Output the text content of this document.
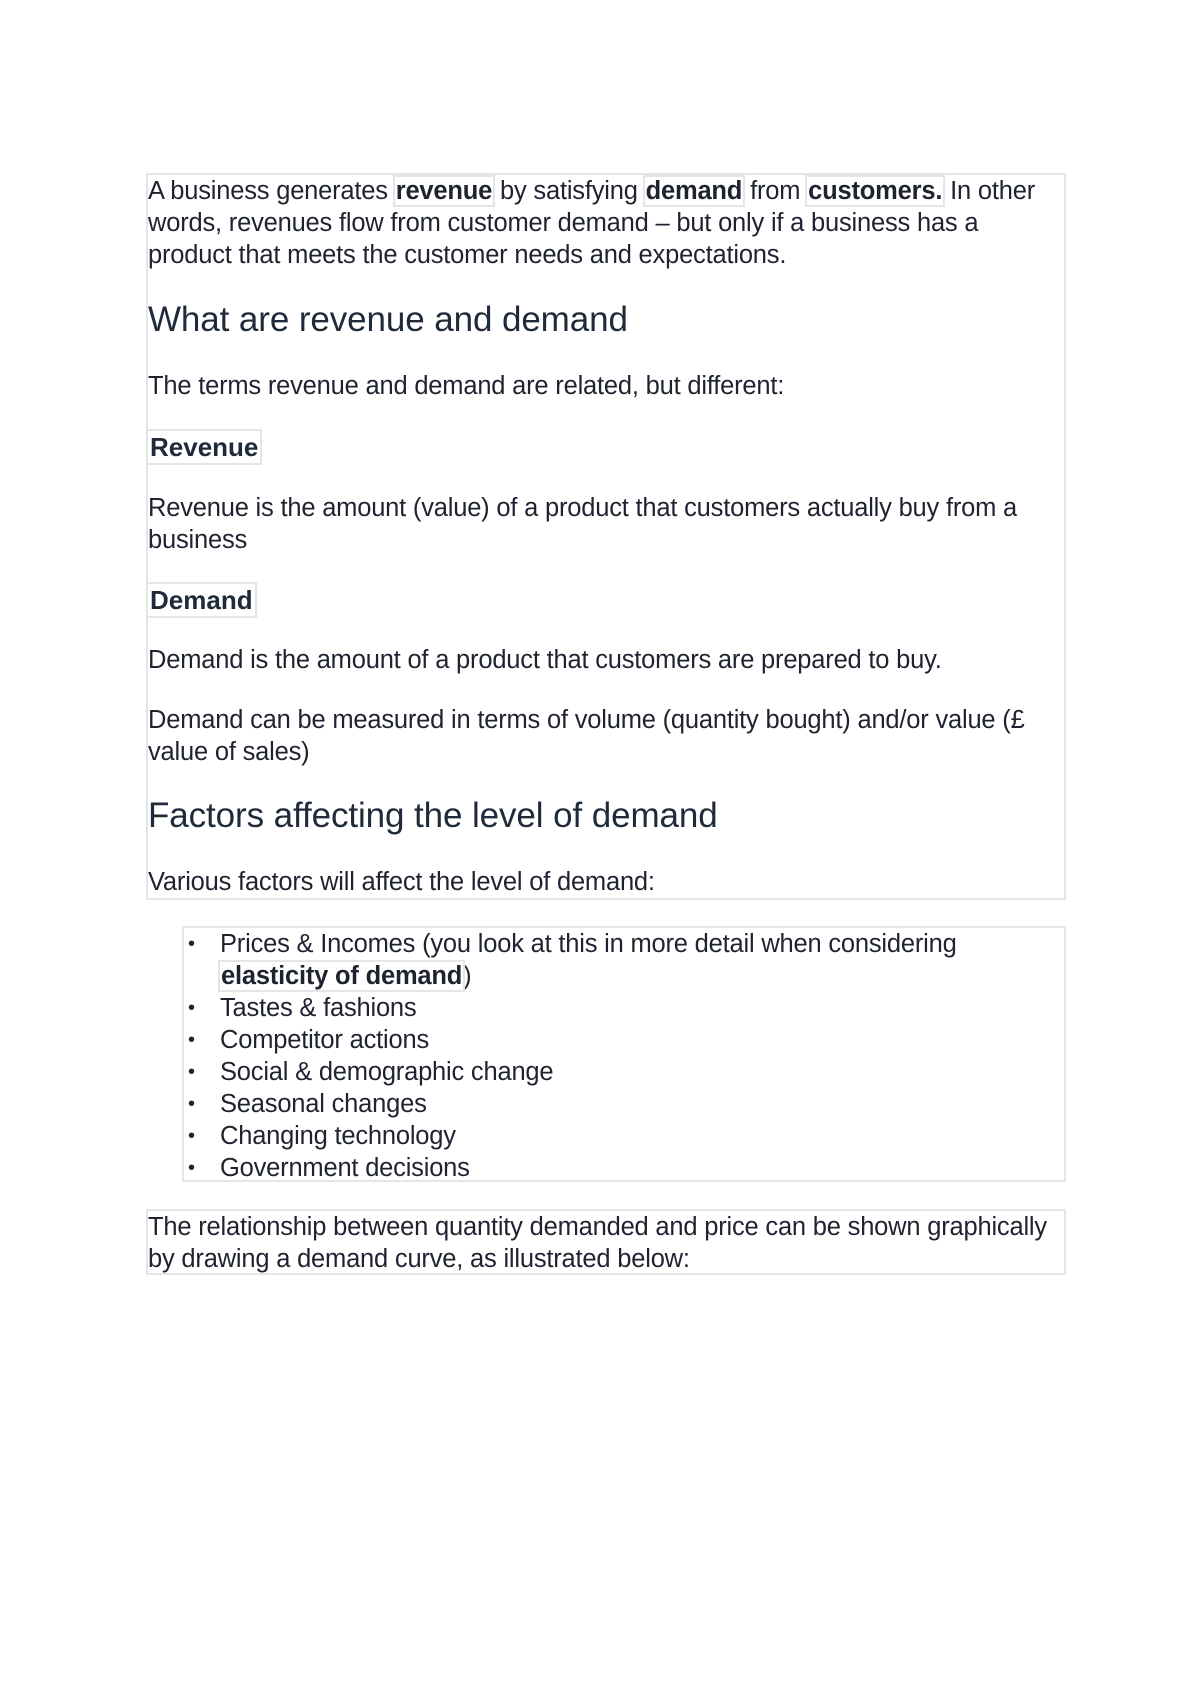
A business generates revenue by satisfying demand from customers. In other words, revenues flow from customer demand – but only if a business has a product that meets the customer needs and expectations.

What are revenue and demand

The terms revenue and demand are related, but different:

Revenue

Revenue is the amount (value) of a product that customers actually buy from a business

Demand

Demand is the amount of a product that customers are prepared to buy.

Demand can be measured in terms of volume (quantity bought) and/or value (£ value of sales)

Factors affecting the level of demand

Various factors will affect the level of demand:

• Prices & Incomes (you look at this in more detail when considering elasticity of demand)
• Tastes & fashions
• Competitor actions
• Social & demographic change
• Seasonal changes
• Changing technology
• Government decisions

The relationship between quantity demanded and price can be shown graphically by drawing a demand curve, as illustrated below:
